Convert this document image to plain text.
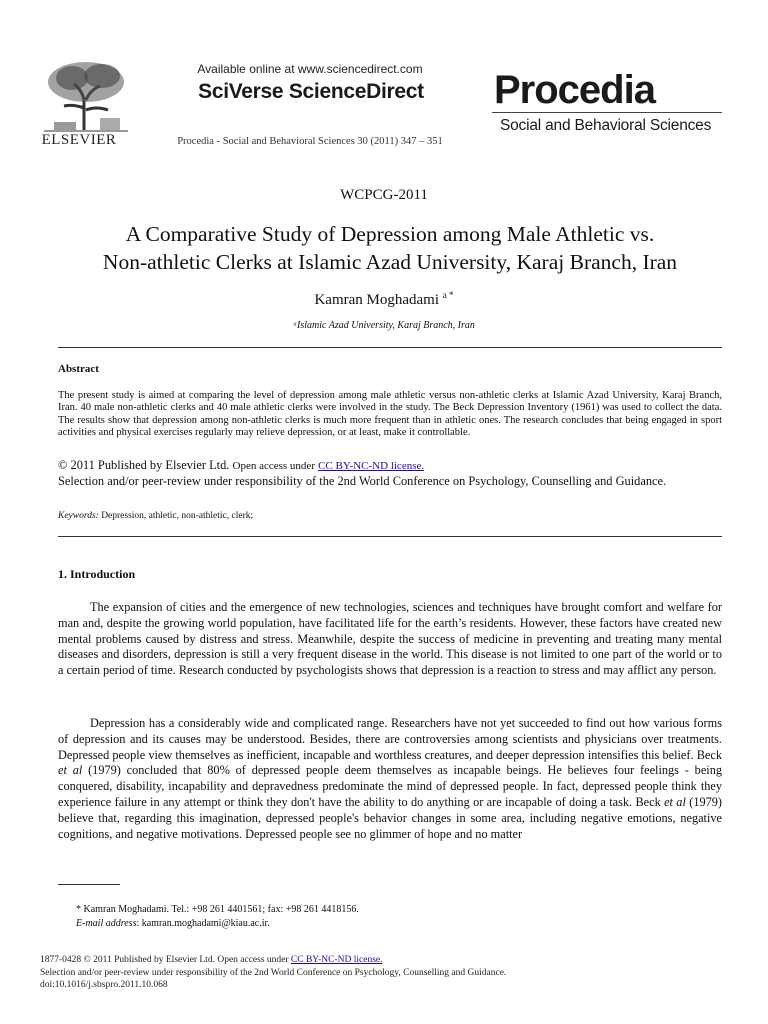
ELSEVIER
Available online at www.sciencedirect.com
SciVerse ScienceDirect
Procedia - Social and Behavioral Sciences 30 (2011) 347 – 351
Procedia
Social and Behavioral Sciences
WCPCG-2011
A Comparative Study of Depression among Male Athletic vs.
Non-athletic Clerks at Islamic Azad University, Karaj Branch, Iran
Kamran Moghadami $^{a *}$
ᵃIslamic Azad University, Karaj Branch, Iran
Abstract
The present study is aimed at comparing the level of depression among male athletic versus non-athletic clerks at Islamic Azad University, Karaj Branch, Iran. 40 male non-athletic clerks and 40 male athletic clerks were involved in the study. The Beck Depression Inventory (1961) was used to collect the data. The results show that depression among non-athletic clerks is much more frequent than in athletic ones. The research concludes that being engaged in sport activities and physical exercises regularly may relieve depression, or at least, make it controllable.
© 2011 Published by Elsevier Ltd. Open access under CC BY-NC-ND license.
Selection and/or peer-review under responsibility of the 2nd World Conference on Psychology, Counselling and Guidance.
Keywords: Depression, athletic, non-athletic, clerk;
1. Introduction
The expansion of cities and the emergence of new technologies, sciences and techniques have brought comfort and welfare for man and, despite the growing world population, have facilitated life for the earth’s residents. However, these factors have created new mental problems caused by distress and stress. Meanwhile, despite the success of medicine in preventing and treating many mental diseases and disorders, depression is still a very frequent disease in the world. This disease is not limited to one part of the world or to a certain period of time. Research conducted by psychologists shows that depression is a reaction to stress and may afflict any person.
Depression has a considerably wide and complicated range. Researchers have not yet succeeded to find out how various forms of depression and its causes may be understood. Besides, there are controversies among scientists and physicians over treatments. Depressed people view themselves as inefficient, incapable and worthless creatures, and deeper depression intensifies this belief. Beck et al (1979) concluded that 80% of depressed people deem themselves as incapable beings. He believes four feelings - being conquered, disability, incapability and depravedness predominate the mind of depressed people. In fact, depressed people think they experience failure in any attempt or think they don't have the ability to do anything or are incapable of doing a task. Beck et al (1979) believe that, regarding this imagination, depressed people's behavior changes in some area, including negative emotions, negative cognitions, and negative motivations. Depressed people see no glimmer of hope and no matter
* Kamran Moghadami. Tel.: +98 261 4401561; fax: +98 261 4418156.
E-mail address: kamran.moghadami@kiau.ac.ir.
1877-0428 © 2011 Published by Elsevier Ltd. Open access under CC BY-NC-ND license.
Selection and/or peer-review under responsibility of the 2nd World Conference on Psychology, Counselling and Guidance.
doi:10.1016/j.sbspro.2011.10.068
